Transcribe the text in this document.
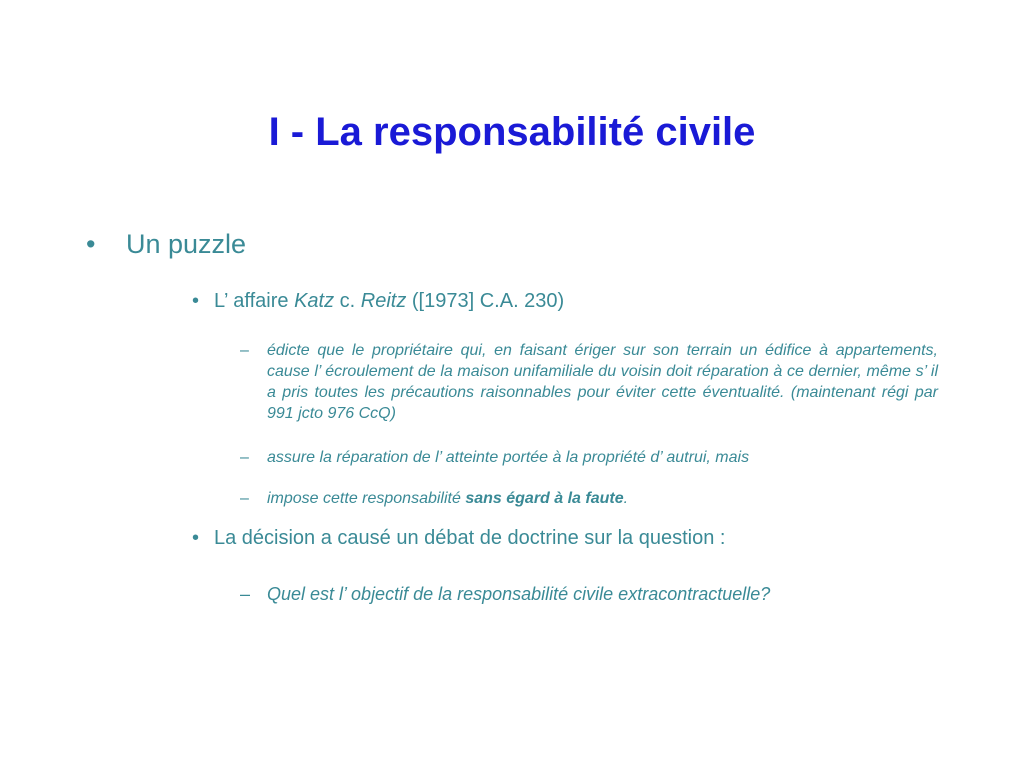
I - La responsabilité civile
• Un puzzle
• L’ affaire Katz c. Reitz ([1973] C.A. 230)
– édicte que le propriétaire qui, en faisant ériger sur son terrain un édifice à appartements, cause l’ écroulement de la maison unifamiliale du voisin doit réparation à ce dernier, même s’ il a pris toutes les précautions raisonnables pour éviter cette éventualité. (maintenant régi par 991 jcto 976 CcQ)
– assure la réparation de l’ atteinte portée à la propriété d’ autrui, mais
– impose cette responsabilité sans égard à la faute.
• La décision a causé un débat de doctrine sur la question :
– Quel est l’ objectif de la responsabilité civile extracontractuelle?
